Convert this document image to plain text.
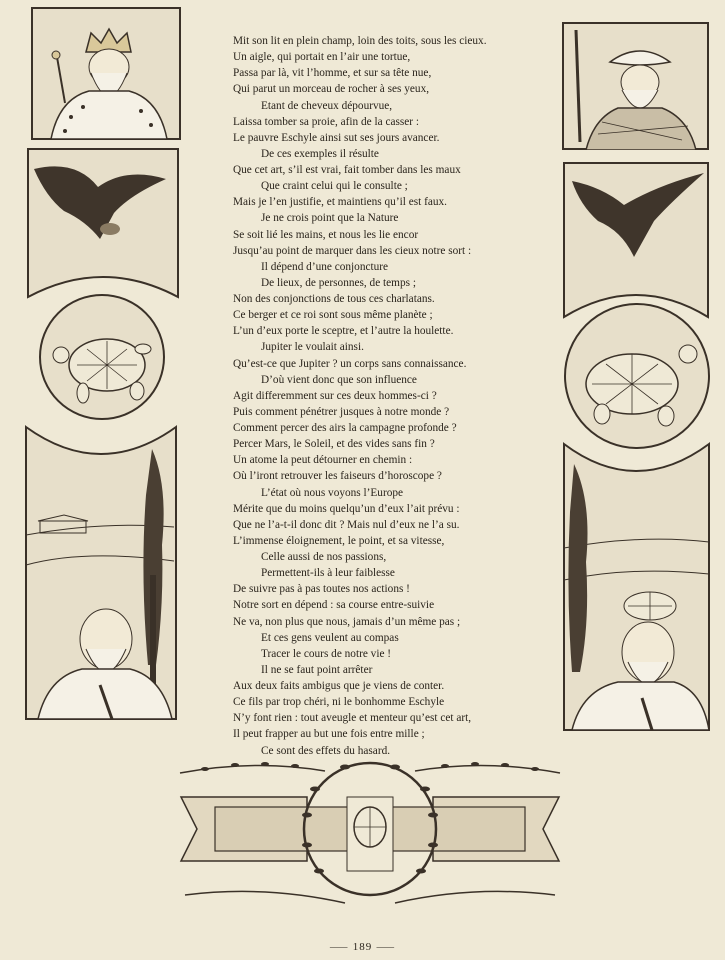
Mit son lit en plein champ, loin des toits, sous les cieux.
Un aigle, qui portait en l’air une tortue,
Passa par là, vit l’homme, et sur sa tête nue,
Qui parut un morceau de rocher à ses yeux,
Etant de cheveux dépourvue,
Laissa tomber sa proie, afin de la casser :
Le pauvre Eschyle ainsi sut ses jours avancer.
De ces exemples il résulte
Que cet art, s’il est vrai, fait tomber dans les maux
Que craint celui qui le consulte ;
Mais je l’en justifie, et maintiens qu’il est faux.
Je ne crois point que la Nature
Se soit lié les mains, et nous les lie encor
Jusqu’au point de marquer dans les cieux notre sort :
Il dépend d’une conjoncture
De lieux, de personnes, de temps ;
Non des conjonctions de tous ces charlatans.
Ce berger et ce roi sont sous même planète ;
L’un d’eux porte le sceptre, et l’autre la houlette.
Jupiter le voulait ainsi.
Qu’est-ce que Jupiter ? un corps sans connaissance.
D’où vient donc que son influence
Agit differemment sur ces deux hommes-ci ?
Puis comment pénétrer jusques à notre monde ?
Comment percer des airs la campagne profonde ?
Percer Mars, le Soleil, et des vides sans fin ?
Un atome la peut détourner en chemin :
Où l’iront retrouver les faiseurs d’horoscope ?
L’état où nous voyons l’Europe
Mérite que du moins quelqu’un d’eux l’ait prévu :
Que ne l’a-t-il donc dit ? Mais nul d’eux ne l’a su.
L’immense éloignement, le point, et sa vitesse,
Celle aussi de nos passions,
Permettent-ils à leur faiblesse
De suivre pas à pas toutes nos actions !
Notre sort en dépend : sa course entre-suivie
Ne va, non plus que nous, jamais d’un même pas ;
Et ces gens veulent au compas
Tracer le cours de notre vie !
Il ne se faut point arrêter
Aux deux faits ambigus que je viens de conter.
Ce fils par trop chéri, ni le bonhomme Eschyle
N’y font rien : tout aveugle et menteur qu’est cet art,
Il peut frapper au but une fois entre mille ;
Ce sont des effets du hasard.
⸺ 189 ⸺
